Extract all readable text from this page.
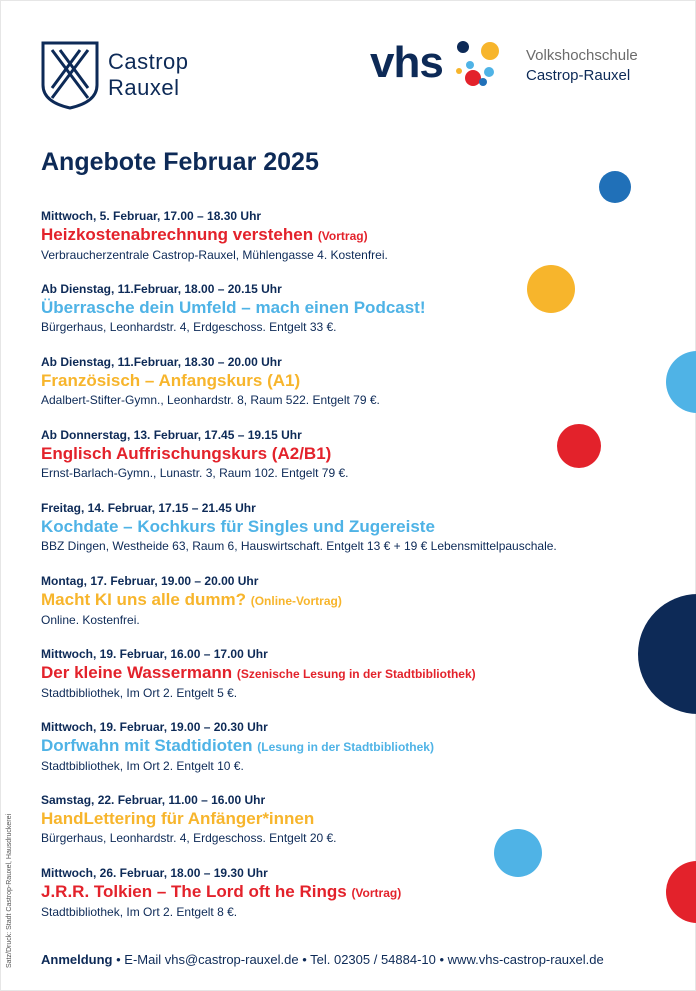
Castrop
Rauxel
vhs	Volkshochschule
Castrop-Rauxel
Angebote Februar 2025
Mittwoch, 5. Februar, 17.00 – 18.30 Uhr
Heizkostenabrechnung verstehen (Vortrag)
Verbraucherzentrale Castrop-Rauxel, Mühlengasse 4. Kostenfrei.
Ab Dienstag, 11.Februar, 18.00 – 20.15 Uhr
Überrasche dein Umfeld – mach einen Podcast!
Bürgerhaus, Leonhardstr. 4, Erdgeschoss. Entgelt 33 €.
Ab Dienstag, 11.Februar, 18.30 – 20.00 Uhr
Französisch – Anfangskurs (A1)
Adalbert-Stifter-Gymn., Leonhardstr. 8, Raum 522. Entgelt 79 €.
Ab Donnerstag, 13. Februar, 17.45 – 19.15 Uhr
Englisch Auffrischungskurs (A2/B1)
Ernst-Barlach-Gymn., Lunastr. 3, Raum 102. Entgelt 79 €.
Freitag, 14. Februar, 17.15 – 21.45 Uhr
Kochdate – Kochkurs für Singles und Zugereiste
BBZ Dingen, Westheide 63, Raum 6, Hauswirtschaft. Entgelt 13 € + 19 € Lebensmittelpauschale.
Montag, 17. Februar, 19.00 – 20.00 Uhr
Macht KI uns alle dumm? (Online-Vortrag)
Online. Kostenfrei.
Mittwoch, 19. Februar, 16.00 – 17.00 Uhr
Der kleine Wassermann (Szenische Lesung in der Stadtbibliothek)
Stadtbibliothek, Im Ort 2. Entgelt 5 €.
Mittwoch, 19. Februar, 19.00 – 20.30 Uhr
Dorfwahn mit Stadtidioten (Lesung in der Stadtbibliothek)
Stadtbibliothek, Im Ort 2. Entgelt 10 €.
Samstag, 22. Februar, 11.00 – 16.00 Uhr
HandLettering für Anfänger*innen
Bürgerhaus, Leonhardstr. 4, Erdgeschoss. Entgelt 20 €.
Mittwoch, 26. Februar, 18.00 – 19.30 Uhr
J.R.R. Tolkien – The Lord oft he Rings (Vortrag)
Stadtbibliothek, Im Ort 2. Entgelt 8 €.
Anmeldung • E-Mail vhs@castrop-rauxel.de • Tel. 02305 / 54884-10 • www.vhs-castrop-rauxel.de
Satz/Druck: Stadt Castrop-Rauxel, Hausdruckerei
